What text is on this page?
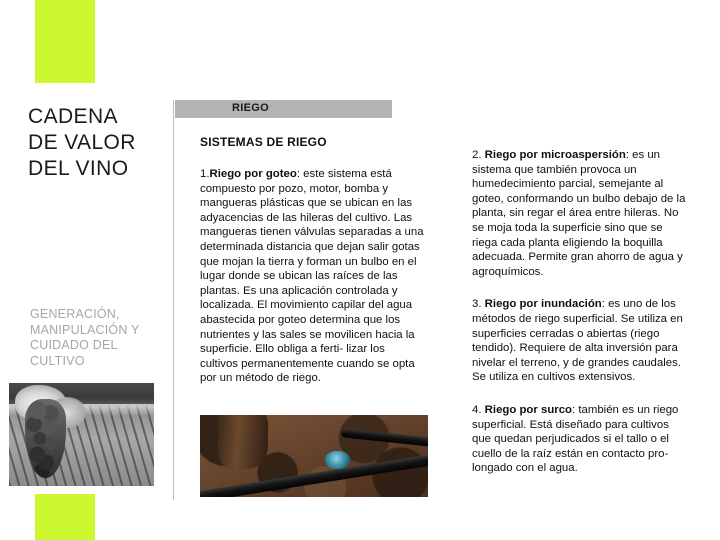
CADENA
DE VALOR
DEL VINO
GENERACIÓN, MANIPULACIÓN Y CUIDADO DEL CULTIVO
RIEGO
SISTEMAS DE RIEGO

1.Riego por goteo: este sistema está compuesto por pozo, motor, bomba y mangueras plásticas que se ubican en las adyacencias de las hileras del cultivo. Las mangueras tienen válvulas separadas a una determinada distancia que dejan salir gotas que mojan la tierra y forman un bulbo en el lugar donde se ubican las raíces de las plantas. Es una aplicación controlada y localizada. El movimiento capilar del agua abastecida por goteo determina que los nutrientes y las sales se movilicen hacia la superficie. Ello obliga a ferti- lizar los cultivos permanentemente cuando se opta por un método de riego.

2. Riego por microaspersión: es un sistema que también provoca un humedecimiento parcial, semejante al goteo, conformando un bulbo debajo de la planta, sin regar el área entre hileras. No se moja toda la superficie sino que se riega cada planta eligiendo la boquilla adecuada. Permite gran ahorro de agua y agroquímicos.

3. Riego por inundación: es uno de los métodos de riego superficial. Se utiliza en superficies cerradas o abiertas (riego tendido). Requiere de alta inversión para nivelar el terreno, y de grandes caudales. Se utiliza en cultivos extensivos.

4. Riego por surco: también es un riego superficial. Está diseñado para cultivos que quedan perjudicados si el tallo o el cuello de la raíz están en contacto pro-longado con el agua.
